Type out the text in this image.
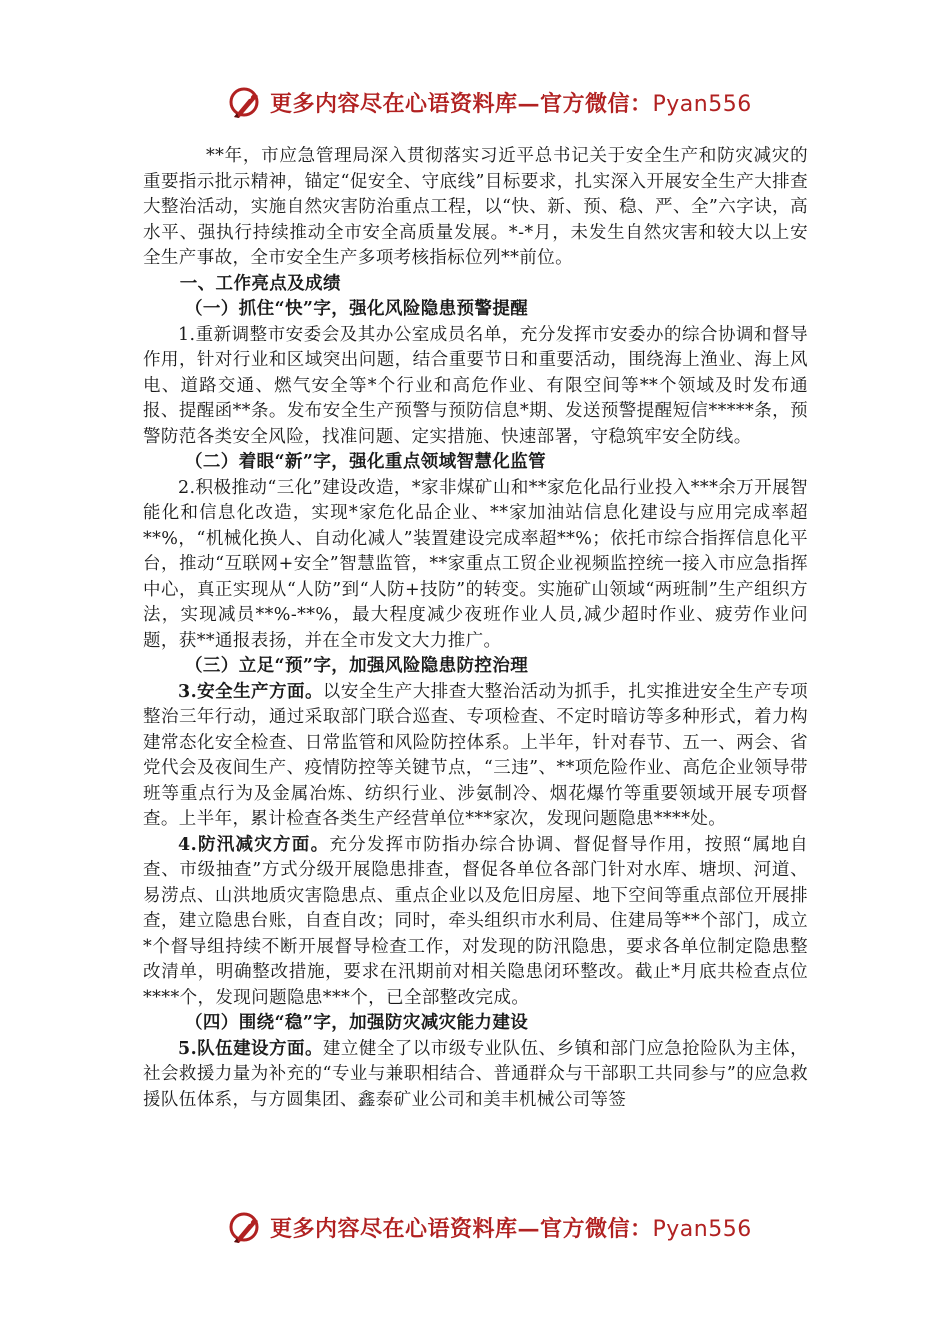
更多内容尽在心语资料库—官方微信：Pyan556

**年，市应急管理局深入贯彻落实习近平总书记关于安全生产和防灾减灾的重要指示批示精神，锚定“促安全、守底线”目标要求，扎实深入开展安全生产大排查大整治活动，实施自然灾害防治重点工程，以“快、新、预、稳、严、全”六字诀，高水平、强执行持续推动全市安全高质量发展。*-*月，未发生自然灾害和较大以上安全生产事故，全市安全生产多项考核指标位列**前位。

一、工作亮点及成绩

（一）抓住“快”字，强化风险隐患预警提醒

1.重新调整市安委会及其办公室成员名单，充分发挥市安委办的综合协调和督导作用，针对行业和区域突出问题，结合重要节日和重要活动，围绕海上渔业、海上风电、道路交通、燃气安全等*个行业和高危作业、有限空间等**个领域及时发布通报、提醒函**条。发布安全生产预警与预防信息*期、发送预警提醒短信*****条，预警防范各类安全风险，找准问题、定实措施、快速部署，守稳筑牢安全防线。

（二）着眼“新”字，强化重点领域智慧化监管

2.积极推动“三化”建设改造，*家非煤矿山和**家危化品行业投入***余万开展智能化和信息化改造，实现*家危化品企业、**家加油站信息化建设与应用完成率超**%，“机械化换人、自动化减人”装置建设完成率超**%；依托市综合指挥信息化平台，推动“互联网+安全”智慧监管，**家重点工贸企业视频监控统一接入市应急指挥中心，真正实现从“人防”到“人防+技防”的转变。实施矿山领域“两班制”生产组织方法，实现减员**%-**%，最大程度减少夜班作业人员,减少超时作业、疲劳作业问题，获**通报表扬，并在全市发文大力推广。

（三）立足“预”字，加强风险隐患防控治理

3.安全生产方面。以安全生产大排查大整治活动为抓手，扎实推进安全生产专项整治三年行动，通过采取部门联合巡查、专项检查、不定时暗访等多种形式，着力构建常态化安全检查、日常监管和风险防控体系。上半年，针对春节、五一、两会、省党代会及夜间生产、疫情防控等关键节点，“三违”、**项危险作业、高危企业领导带班等重点行为及金属冶炼、纺织行业、涉氨制冷、烟花爆竹等重要领域开展专项督查。上半年，累计检查各类生产经营单位***家次，发现问题隐患****处。

4.防汛减灾方面。充分发挥市防指办综合协调、督促督导作用，按照“属地自查、市级抽查”方式分级开展隐患排查，督促各单位各部门针对水库、塘坝、河道、易涝点、山洪地质灾害隐患点、重点企业以及危旧房屋、地下空间等重点部位开展排查，建立隐患台账，自查自改；同时，牵头组织市水利局、住建局等**个部门，成立*个督导组持续不断开展督导检查工作，对发现的防汛隐患，要求各单位制定隐患整改清单，明确整改措施，要求在汛期前对相关隐患闭环整改。截止*月底共检查点位****个，发现问题隐患***个，已全部整改完成。

（四）围绕“稳”字，加强防灾减灾能力建设

5.队伍建设方面。建立健全了以市级专业队伍、乡镇和部门应急抢险队为主体，社会救援力量为补充的“专业与兼职相结合、普通群众与干部职工共同参与”的应急救援队伍体系，与方圆集团、鑫泰矿业公司和美丰机械公司等签

更多内容尽在心语资料库—官方微信：Pyan556
